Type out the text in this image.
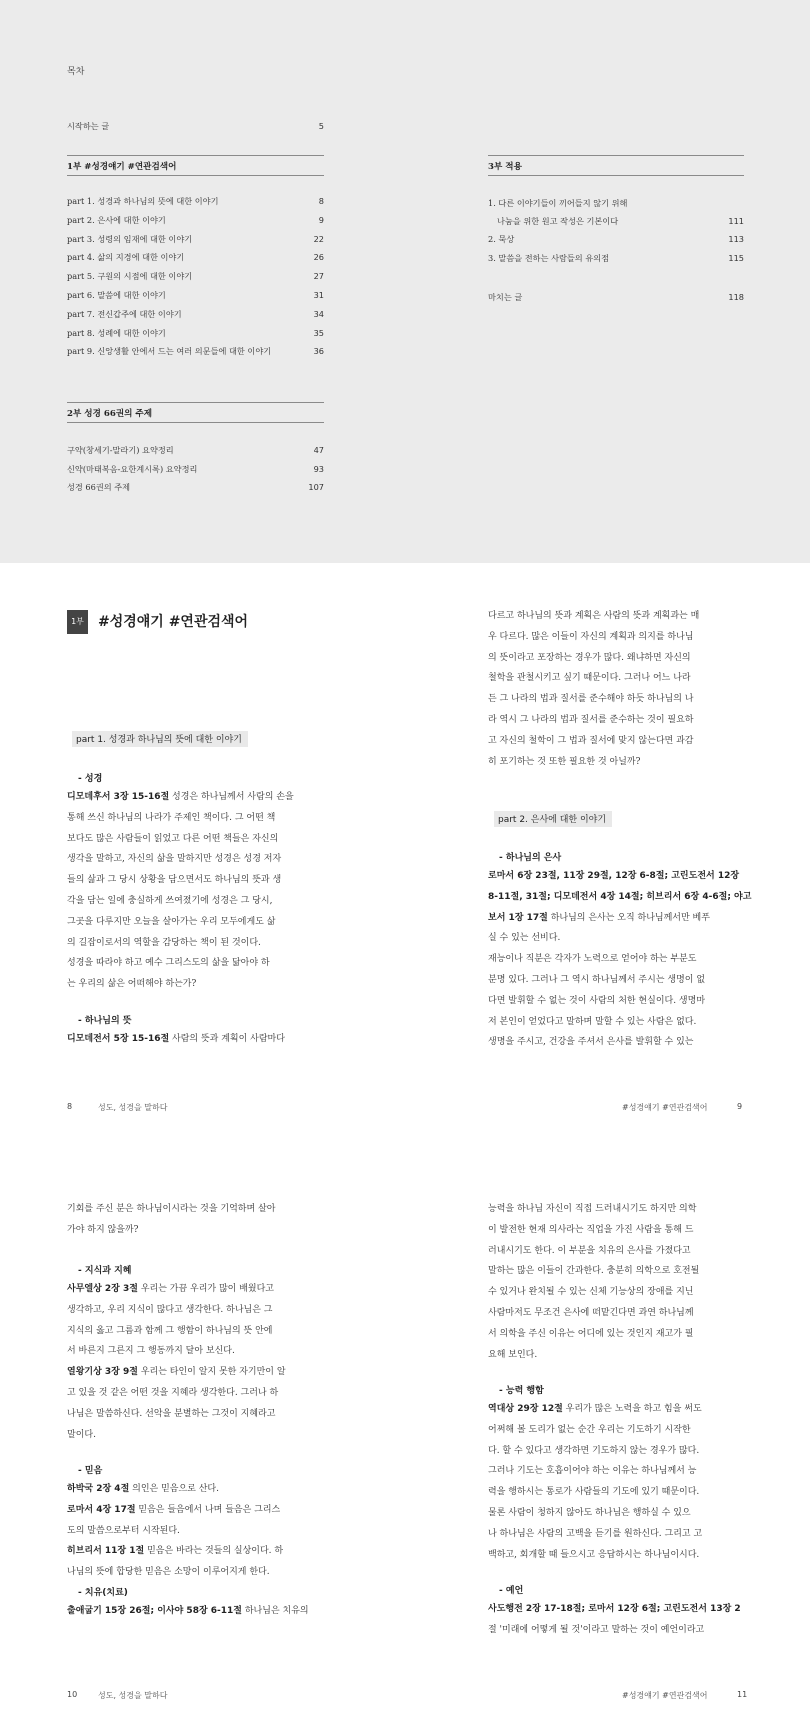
목차
시작하는 글	5
1부 #성경얘기 #연관검색어
part 1. 성경과 하나님의 뜻에 대한 이야기	8
part 2. 은사에 대한 이야기	9
part 3. 성령의 임재에 대한 이야기	22
part 4. 삶의 지경에 대한 이야기	26
part 5. 구원의 시점에 대한 이야기	27
part 6. 말씀에 대한 이야기	31
part 7. 전신갑주에 대한 이야기	34
part 8. 성례에 대한 이야기	35
part 9. 신앙생활 안에서 드는 여러 의문들에 대한 이야기	36
2부 성경 66권의 주제
구약(창세기-말라기) 요약정리	47
신약(마태복음-요한계시록) 요약정리	93
성경 66권의 주제	107
3부 적용
1. 다른 이야기들이 끼어들지 않기 위해
나눔을 위한 원고 작성은 기본이다	111
2. 묵상	113
3. 말씀을 전하는 사람들의 유의점	115
마치는 글	118
1부 #성경얘기 #연관검색어
part 1. 성경과 하나님의 뜻에 대한 이야기
- 성경
디모데후서 3장 15-16절 성경은 하나님께서 사람의 손을
통해 쓰신 하나님의 나라가 주제인 책이다. 그 어떤 책
보다도 많은 사람들이 읽었고 다른 어떤 책들은 자신의
생각을 말하고, 자신의 삶을 말하지만 성경은 성경 저자
들의 삶과 그 당시 상황을 담으면서도 하나님의 뜻과 생
각을 담는 일에 충실하게 쓰여졌기에 성경은 그 당시,
그곳을 다루지만 오늘을 살아가는 우리 모두에게도 삶
의 길잡이로서의 역할을 감당하는 책이 된 것이다.
성경을 따라야 하고 예수 그리스도의 삶을 닮아야 하
는 우리의 삶은 어떠해야 하는가?
- 하나님의 뜻
디모데전서 5장 15-16절 사람의 뜻과 계획이 사람마다
8	성도, 성경을 말하다
다르고 하나님의 뜻과 계획은 사람의 뜻과 계획과는 매
우 다르다. 많은 이들이 자신의 계획과 의지를 하나님
의 뜻이라고 포장하는 경우가 많다. 왜냐하면 자신의
철학을 관철시키고 싶기 때문이다. 그러나 어느 나라
든 그 나라의 법과 질서를 준수해야 하듯 하나님의 나
라 역시 그 나라의 법과 질서를 준수하는 것이 필요하
고 자신의 철학이 그 법과 질서에 맞지 않는다면 과감
히 포기하는 것 또한 필요한 것 아닐까?
part 2. 은사에 대한 이야기
- 하나님의 은사
로마서 6장 23절, 11장 29절, 12장 6-8절; 고린도전서 12장
8-11절, 31절; 디모데전서 4장 14절; 히브리서 6장 4-6절; 야고
보서 1장 17절 하나님의 은사는 오직 하나님께서만 베푸
실 수 있는 선비다.
재능이나 직분은 각자가 노력으로 얻어야 하는 부분도
분명 있다. 그러나 그 역시 하나님께서 주시는 생명이 없
다면 발휘할 수 없는 것이 사람의 처한 현실이다. 생명마
저 본인이 얻었다고 말하며 말할 수 있는 사람은 없다.
생명을 주시고, 건강을 주셔서 은사를 발휘할 수 있는
#성경얘기 #연관검색어	9
기회를 주신 분은 하나님이시라는 것을 기억하며 살아
가야 하지 않을까?
- 지식과 지혜
사무엘상 2장 3절 우리는 가끔 우리가 많이 배웠다고
생각하고, 우리 지식이 많다고 생각한다. 하나님은 그
지식의 옳고 그름과 함께 그 행함이 하나님의 뜻 안에
서 바른지 그른지 그 행동까지 달아 보신다.
열왕기상 3장 9절 우리는 타인이 알지 못한 자기만이 알
고 있을 것 같은 어떤 것을 지혜라 생각한다. 그러나 하
나님은 말씀하신다. 선악을 분별하는 그것이 지혜라고
말이다.
- 믿음
하박국 2장 4절 의인은 믿음으로 산다.
로마서 4장 17절 믿음은 들음에서 나며 들음은 그리스
도의 말씀으로부터 시작된다.
히브리서 11장 1절 믿음은 바라는 것들의 실상이다. 하
나님의 뜻에 합당한 믿음은 소망이 이루어지게 한다.
- 치유(치료)
출애굽기 15장 26절; 이사야 58장 6-11절 하나님은 치유의
10	성도, 성경을 말하다
능력을 하나님 자신이 직접 드러내시기도 하지만 의학
이 발전한 현재 의사라는 직업을 가진 사람을 통해 드
러내시기도 한다. 이 부분을 치유의 은사를 가졌다고
말하는 많은 이들이 간과한다. 충분히 의학으로 호전될
수 있거나 완치될 수 있는 신체 기능상의 장애를 지닌
사람마저도 무조건 은사에 떠맡긴다면 과연 하나님께
서 의학을 주신 이유는 어디에 있는 것인지 재고가 필
요해 보인다.
- 능력 행함
역대상 29장 12절 우리가 많은 노력을 하고 힘을 써도
어쩌해 볼 도리가 없는 순간 우리는 기도하기 시작한
다. 할 수 있다고 생각하면 기도하지 않는 경우가 많다.
그러나 기도는 호흡이어야 하는 이유는 하나님께서 능
력을 행하시는 통로가 사람들의 기도에 있기 때문이다.
물론 사람이 청하지 않아도 하나님은 행하실 수 있으
나 하나님은 사람의 고백을 듣기를 원하신다. 그리고 고
백하고, 회개할 때 들으시고 응답하시는 하나님이시다.
- 예언
사도행전 2장 17-18절; 로마서 12장 6절; 고린도전서 13장 2
절 '미래에 어떻게 될 것'이라고 말하는 것이 예언이라고
#성경얘기 #연관검색어	11
